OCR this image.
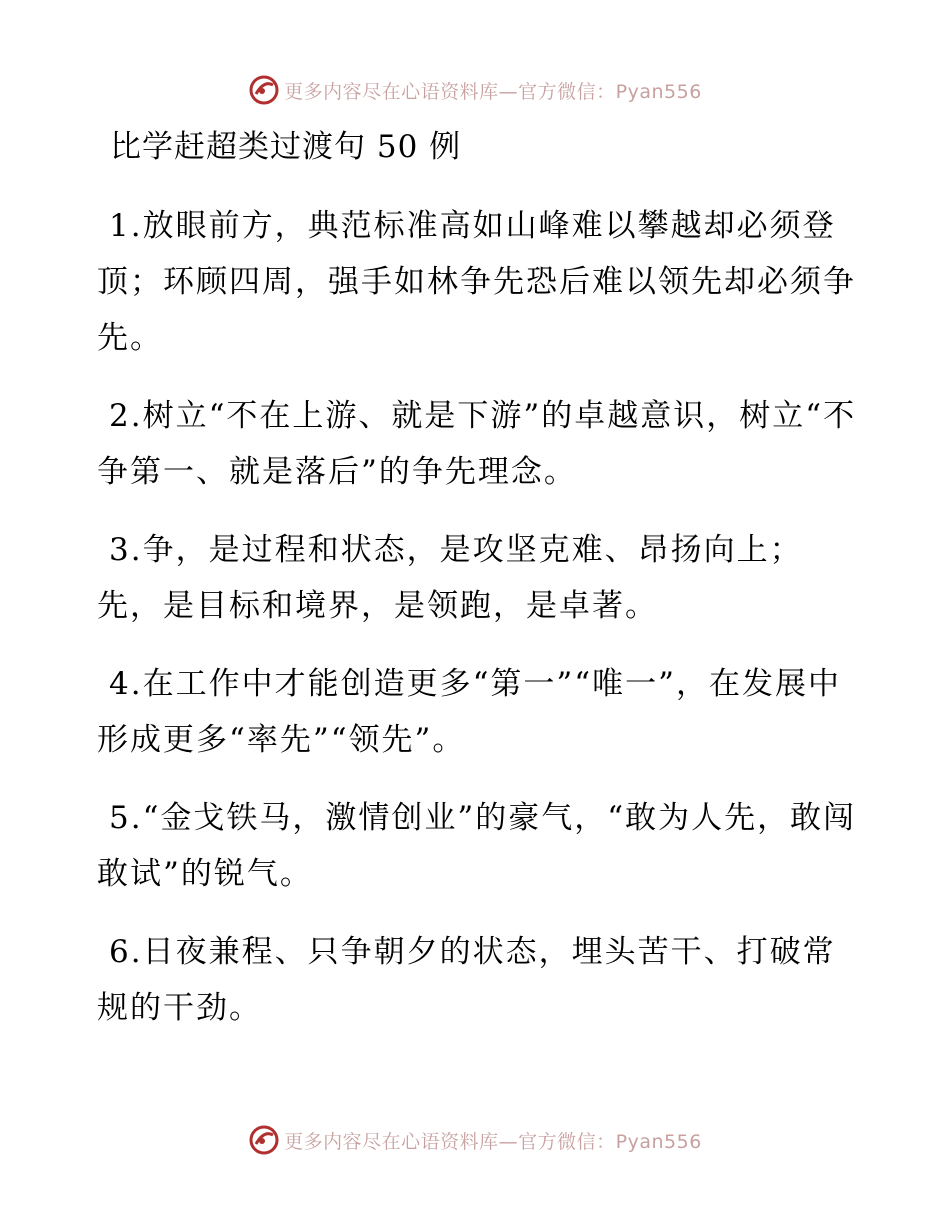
更多内容尽在心语资料库—官方微信：Pyan556
比学赶超类过渡句 50 例

1.放眼前方，典范标准高如山峰难以攀越却必须登顶；环顾四周，强手如林争先恐后难以领先却必须争先。

2.树立“不在上游、就是下游”的卓越意识，树立“不争第一、就是落后”的争先理念。

3.争，是过程和状态，是攻坚克难、昂扬向上；先，是目标和境界，是领跑，是卓著。

4.在工作中才能创造更多“第一”“唯一”，在发展中形成更多“率先”“领先”。

5.“金戈铁马，激情创业”的豪气，“敢为人先，敢闯敢试”的锐气。

6.日夜兼程、只争朝夕的状态，埋头苦干、打破常规的干劲。

更多内容尽在心语资料库—官方微信：Pyan556
